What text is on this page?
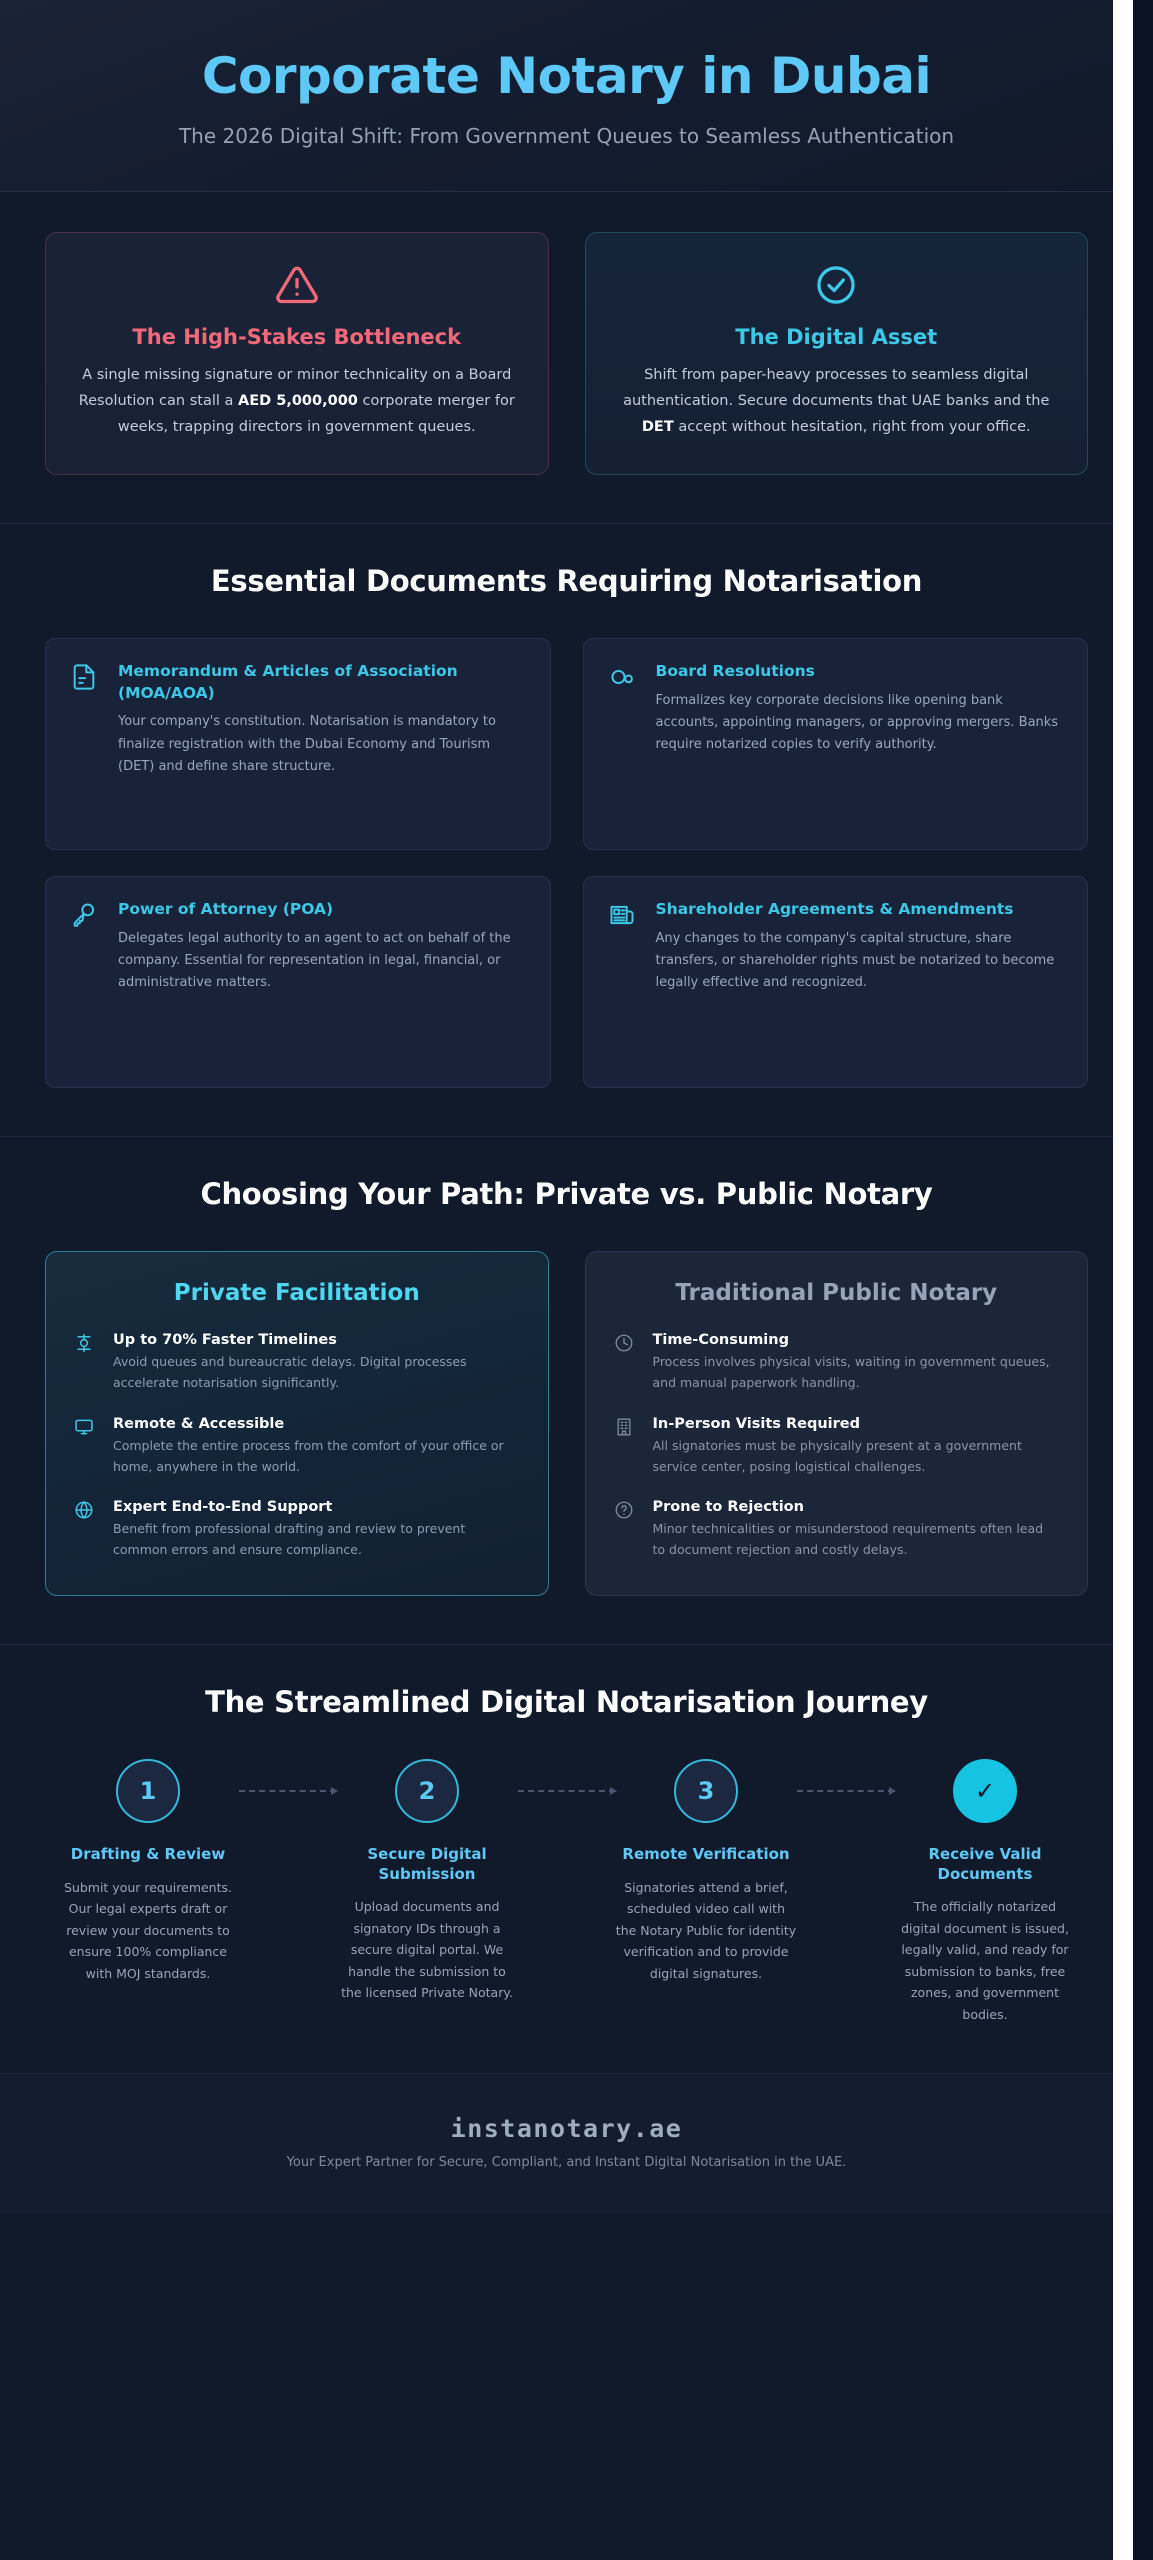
Corporate Notary in Dubai

The 2026 Digital Shift: From Government Queues to Seamless Authentication

The High-Stakes Bottleneck

A single missing signature or minor technicality on a Board Resolution can stall a AED 5,000,000 corporate merger for weeks, trapping directors in government queues.

The Digital Asset

Shift from paper-heavy processes to seamless digital authentication. Secure documents that UAE banks and the DET accept without hesitation, right from your office.

Essential Documents Requiring Notarisation
Memorandum & Articles of Association (MOA/AOA)

Your company's constitution. Notarisation is mandatory to finalize registration with the Dubai Economy and Tourism (DET) and define share structure.

Board Resolutions

Formalizes key corporate decisions like opening bank accounts, appointing managers, or approving mergers. Banks require notarized copies to verify authority.

Power of Attorney (POA)

Delegates legal authority to an agent to act on behalf of the company. Essential for representation in legal, financial, or administrative matters.

Shareholder Agreements & Amendments

Any changes to the company's capital structure, share transfers, or shareholder rights must be notarized to become legally effective and recognized.

Choosing Your Path: Private vs. Public Notary
Private Facilitation
Up to 70% Faster Timelines

Avoid queues and bureaucratic delays. Digital processes accelerate notarisation significantly.

Remote & Accessible

Complete the entire process from the comfort of your office or home, anywhere in the world.

Expert End-to-End Support

Benefit from professional drafting and review to prevent common errors and ensure compliance.

Traditional Public Notary
Time-Consuming

Process involves physical visits, waiting in government queues, and manual paperwork handling.

In-Person Visits Required

All signatories must be physically present at a government service center, posing logistical challenges.

Prone to Rejection

Minor technicalities or misunderstood requirements often lead to document rejection and costly delays.

The Streamlined Digital Notarisation Journey
1
Drafting & Review

Submit your requirements. Our legal experts draft or review your documents to ensure 100% compliance with MOJ standards.

2
Secure Digital Submission

Upload documents and signatory IDs through a secure digital portal. We handle the submission to the licensed Private Notary.

3
Remote Verification

Signatories attend a brief, scheduled video call with the Notary Public for identity verification and to provide digital signatures.

✓
Receive Valid Documents

The officially notarized digital document is issued, legally valid, and ready for submission to banks, free zones, and government bodies.

instanotary.ae
Your Expert Partner for Secure, Compliant, and Instant Digital Notarisation in the UAE.
